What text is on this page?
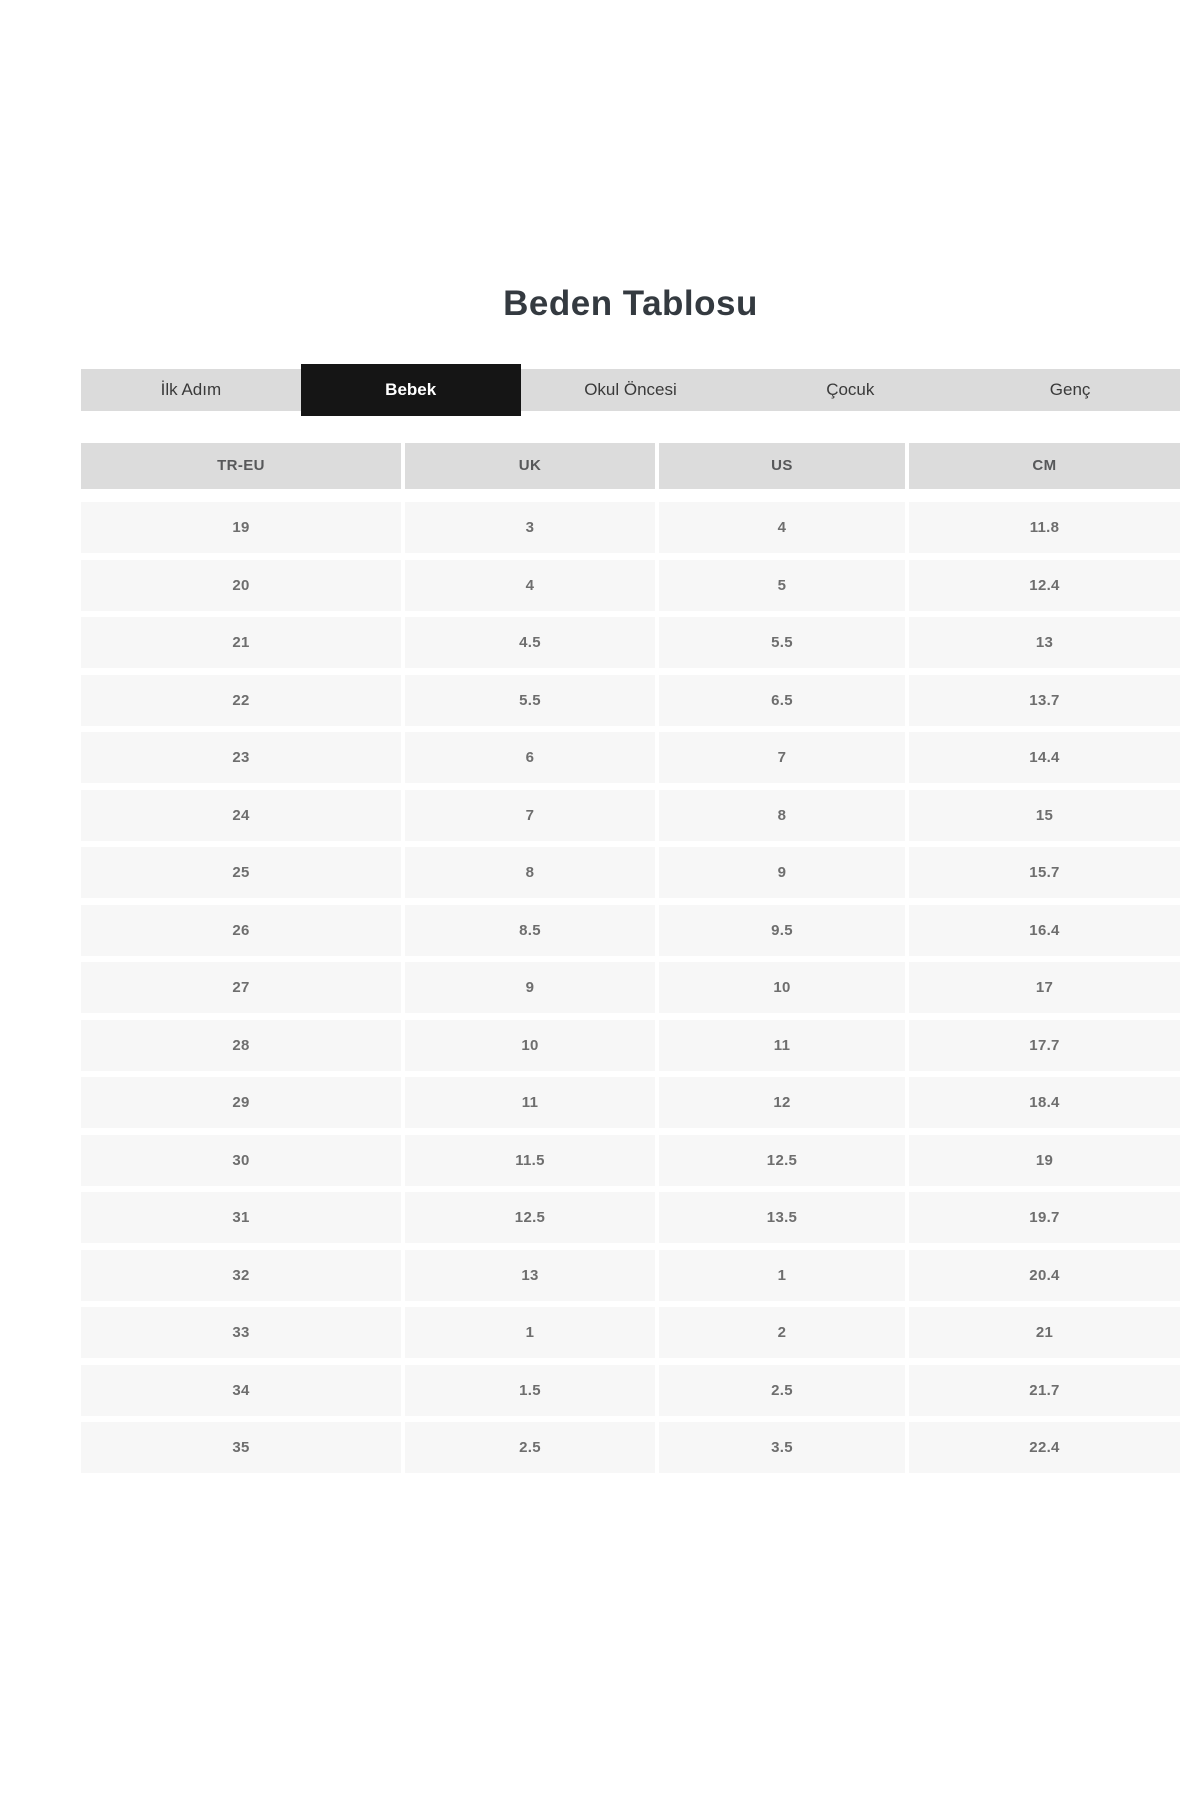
Beden Tablosu
İlk Adım	Bebek	Okul Öncesi	Çocuk	Genç
TR-EU	UK	US	CM
19	3	4	11.8
20	4	5	12.4
21	4.5	5.5	13
22	5.5	6.5	13.7
23	6	7	14.4
24	7	8	15
25	8	9	15.7
26	8.5	9.5	16.4
27	9	10	17
28	10	11	17.7
29	11	12	18.4
30	11.5	12.5	19
31	12.5	13.5	19.7
32	13	1	20.4
33	1	2	21
34	1.5	2.5	21.7
35	2.5	3.5	22.4
